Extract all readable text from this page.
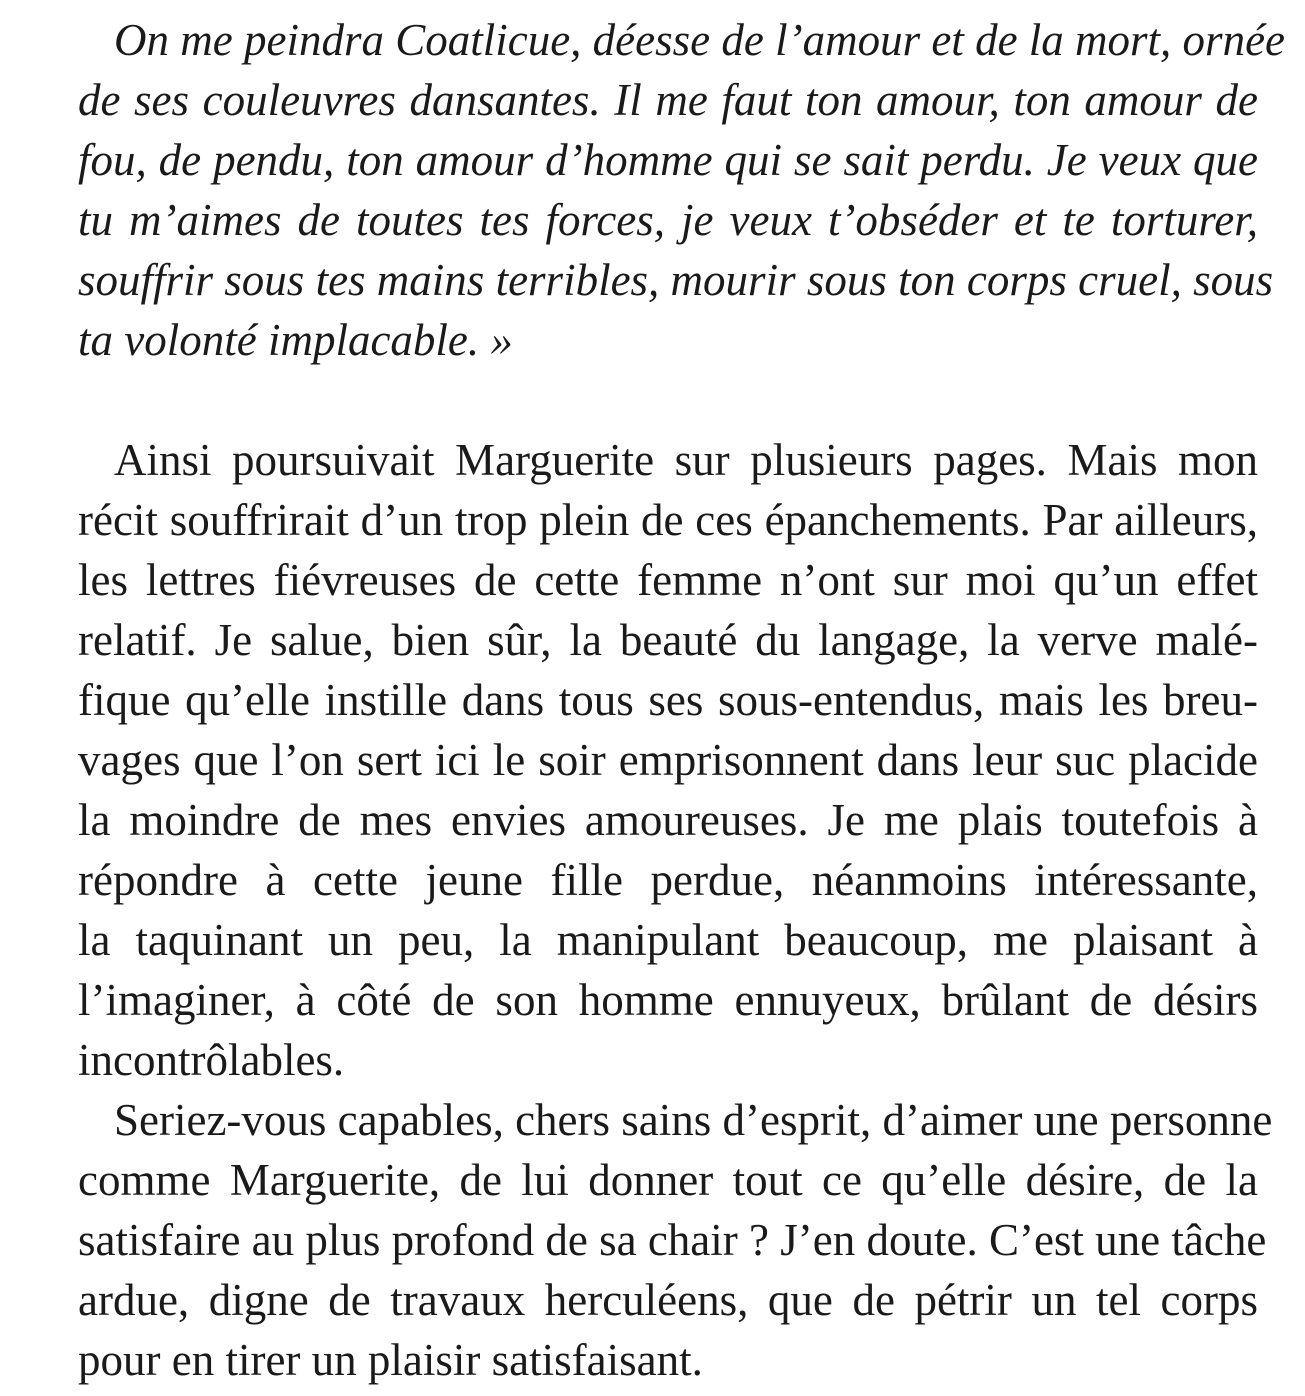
On me peindra Coatlicue, déesse de l’amour et de la mort, ornée
de ses couleuvres dansantes. Il me faut ton amour, ton amour de
fou, de pendu, ton amour d’homme qui se sait perdu. Je veux que
tu m’aimes de toutes tes forces, je veux t’obséder et te torturer,
souffrir sous tes mains terribles, mourir sous ton corps cruel, sous
ta volonté implacable. »
Ainsi poursuivait Marguerite sur plusieurs pages. Mais mon
récit souffrirait d’un trop plein de ces épanchements. Par ailleurs,
les lettres fiévreuses de cette femme n’ont sur moi qu’un effet
relatif. Je salue, bien sûr, la beauté du langage, la verve malé-
fique qu’elle instille dans tous ses sous-entendus, mais les breu-
vages que l’on sert ici le soir emprisonnent dans leur suc placide
la moindre de mes envies amoureuses. Je me plais toutefois à
répondre à cette jeune fille perdue, néanmoins intéressante,
la taquinant un peu, la manipulant beaucoup, me plaisant à
l’imaginer, à côté de son homme ennuyeux, brûlant de désirs
incontrôlables.
Seriez-vous capables, chers sains d’esprit, d’aimer une personne
comme Marguerite, de lui donner tout ce qu’elle désire, de la
satisfaire au plus profond de sa chair ? J’en doute. C’est une tâche
ardue, digne de travaux herculéens, que de pétrir un tel corps
pour en tirer un plaisir satisfaisant.
